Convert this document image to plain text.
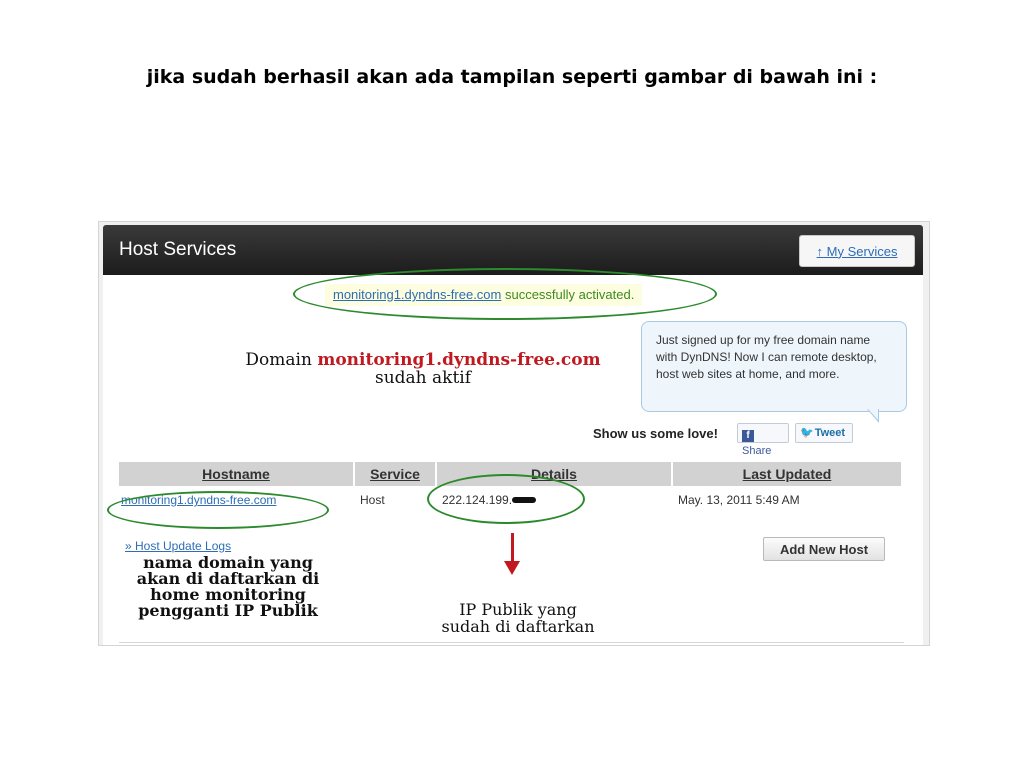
jika sudah berhasil akan ada tampilan seperti gambar di bawah ini :
Host Services	↑ My Services
monitoring1.dyndns-free.com successfully activated.
Domain monitoring1.dyndns-free.com
sudah aktif
Just signed up for my free domain name with DynDNS! Now I can remote desktop, host web sites at home, and more.
Show us some love!	fShare
🐦Tweet
Hostname	Service	Details	Last Updated
monitoring1.dyndns-free.com	Host	222.124.199.	May. 13, 2011 5:49 AM
» Host Update Logs
nama domain yang
akan di daftarkan di
home monitoring
pengganti IP Publik	IP Publik yang
sudah di daftarkan
Add New Host
